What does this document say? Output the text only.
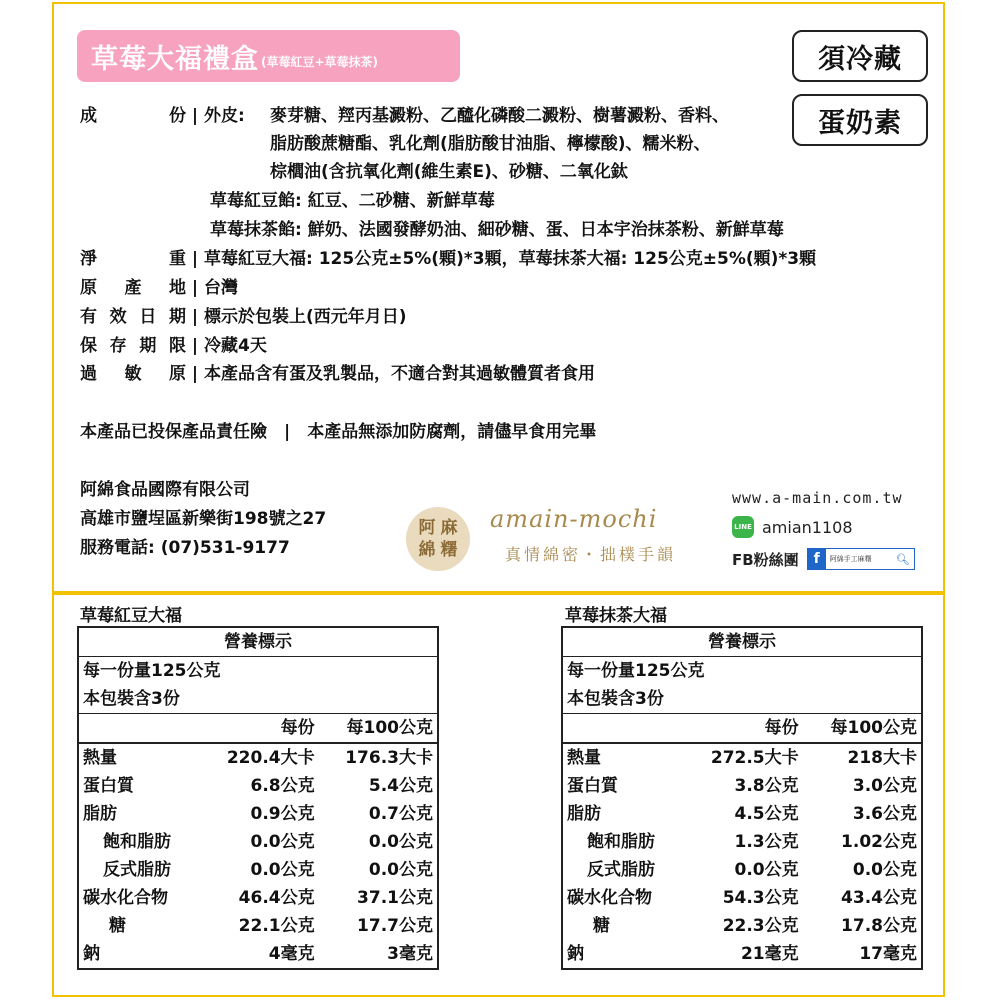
草莓大福禮盒 (草莓紅豆+草莓抹茶)	須冷藏
蛋奶素
成　　份 | 外皮: 麥芽糖、羥丙基澱粉、乙醯化磷酸二澱粉、樹薯澱粉、香料、
脂肪酸蔗糖酯、乳化劑(脂肪酸甘油脂、檸檬酸)、糯米粉、
棕櫚油(含抗氧化劑(維生素E)、砂糖、二氧化鈦
草莓紅豆餡: 紅豆、二砂糖、新鮮草莓
草莓抹茶餡: 鮮奶、法國發酵奶油、細砂糖、蛋、日本宇治抹茶粉、新鮮草莓
淨　　重 | 草莓紅豆大福: 125公克±5%(顆)*3顆，草莓抹茶大福: 125公克±5%(顆)*3顆
原產地 | 台灣
有效日期 | 標示於包裝上(西元年月日)
保存期限 | 冷藏4天
過敏原 | 本產品含有蛋及乳製品，不適合對其過敏體質者食用
本產品已投保產品責任險　|　本產品無添加防腐劑，請儘早食用完畢
阿綿食品國際有限公司
高雄市鹽埕區新樂街198號之27
服務電話: (07)531-9177
阿 麻
綿 糬
amain-mochi
真情綿密・拙樸手韻
www.a-main.com.tw
LINE amian1108
FB粉絲團	f	阿綿手工麻糬	🔍︎
草莓紅豆大福
營養標示		
每一份量125公克		
本包裝含3份		
	每份	每100公克
熱量	220.4大卡	176.3大卡
蛋白質	6.8公克	5.4公克
脂肪	0.9公克	0.7公克
飽和脂肪	0.0公克	0.0公克
反式脂肪	0.0公克	0.0公克
碳水化合物	46.4公克	37.1公克
糖	22.1公克	17.7公克
鈉	4毫克	3毫克
草莓抹茶大福
營養標示		
每一份量125公克		
本包裝含3份		
	每份	每100公克
熱量	272.5大卡	218大卡
蛋白質	3.8公克	3.0公克
脂肪	4.5公克	3.6公克
飽和脂肪	1.3公克	1.02公克
反式脂肪	0.0公克	0.0公克
碳水化合物	54.3公克	43.4公克
糖	22.3公克	17.8公克
鈉	21毫克	17毫克
